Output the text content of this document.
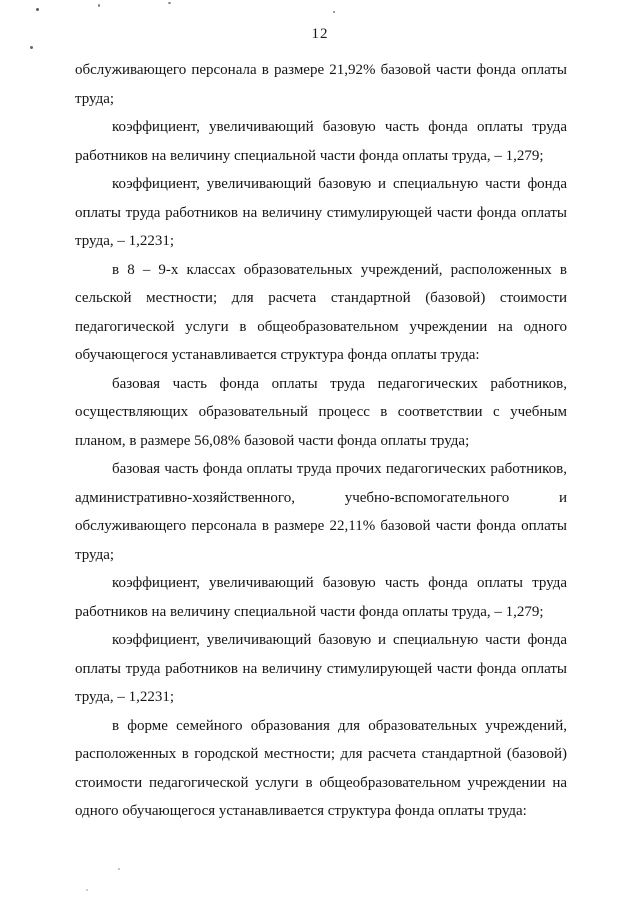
12

обслуживающего персонала в размере 21,92% базовой части фонда оплаты труда;

коэффициент, увеличивающий базовую часть фонда оплаты труда работников на величину специальной части фонда оплаты труда, – 1,279;

коэффициент, увеличивающий базовую и специальную части фонда оплаты труда работников на величину стимулирующей части фонда оплаты труда, – 1,2231;

в 8 – 9-х классах образовательных учреждений, расположенных в сельской местности; для расчета стандартной (базовой) стоимости педагогической услуги в общеобразовательном учреждении на одного обучающегося устанавливается структура фонда оплаты труда:

базовая часть фонда оплаты труда педагогических работников, осуществляющих образовательный процесс в соответствии с учебным планом, в размере 56,08% базовой части фонда оплаты труда;

базовая часть фонда оплаты труда прочих педагогических работников, административно-хозяйственного, учебно-вспомогательного и обслуживающего персонала в размере 22,11% базовой части фонда оплаты труда;

коэффициент, увеличивающий базовую часть фонда оплаты труда работников на величину специальной части фонда оплаты труда, – 1,279;

коэффициент, увеличивающий базовую и специальную части фонда оплаты труда работников на величину стимулирующей части фонда оплаты труда, – 1,2231;

в форме семейного образования для образовательных учреждений, расположенных в городской местности; для расчета стандартной (базовой) стоимости педагогической услуги в общеобразовательном учреждении на одного обучающегося устанавливается структура фонда оплаты труда:
